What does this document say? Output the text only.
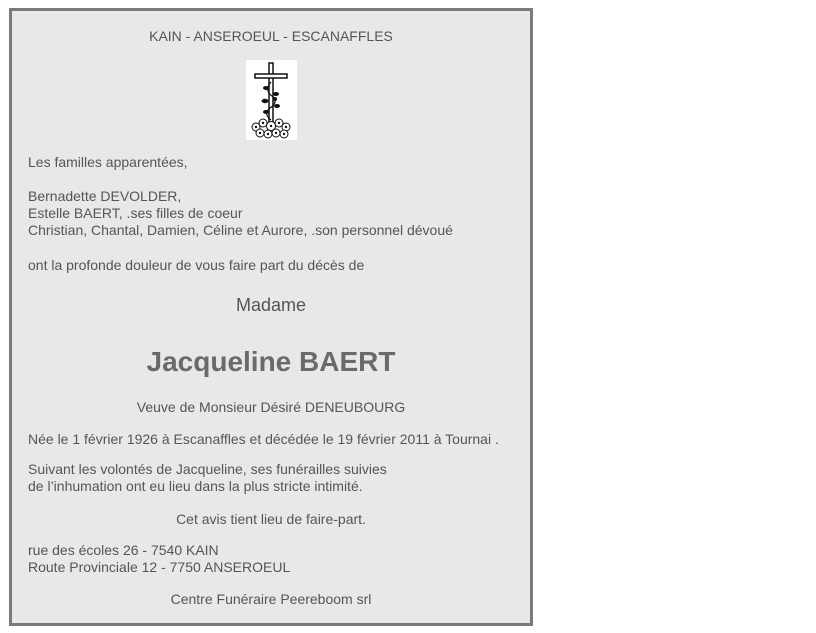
KAIN - ANSEROEUL - ESCANAFFLES
Les familles apparentées,
Bernadette DEVOLDER,
Estelle BAERT, .ses filles de coeur
Christian, Chantal, Damien, Céline et Aurore, .son personnel dévoué
ont la profonde douleur de vous faire part du décès de
Madame
Jacqueline BAERT
Veuve de Monsieur Désiré DENEUBOURG
Née le 1 février 1926 à Escanaffles et décédée le 19 février 2011 à Tournai .
Suivant les volontés de Jacqueline, ses funérailles suivies
de l’inhumation ont eu lieu dans la plus stricte intimité.
Cet avis tient lieu de faire-part.
rue des écoles 26 - 7540 KAIN
Route Provinciale 12 - 7750 ANSEROEUL
Centre Funéraire Peereboom srl
